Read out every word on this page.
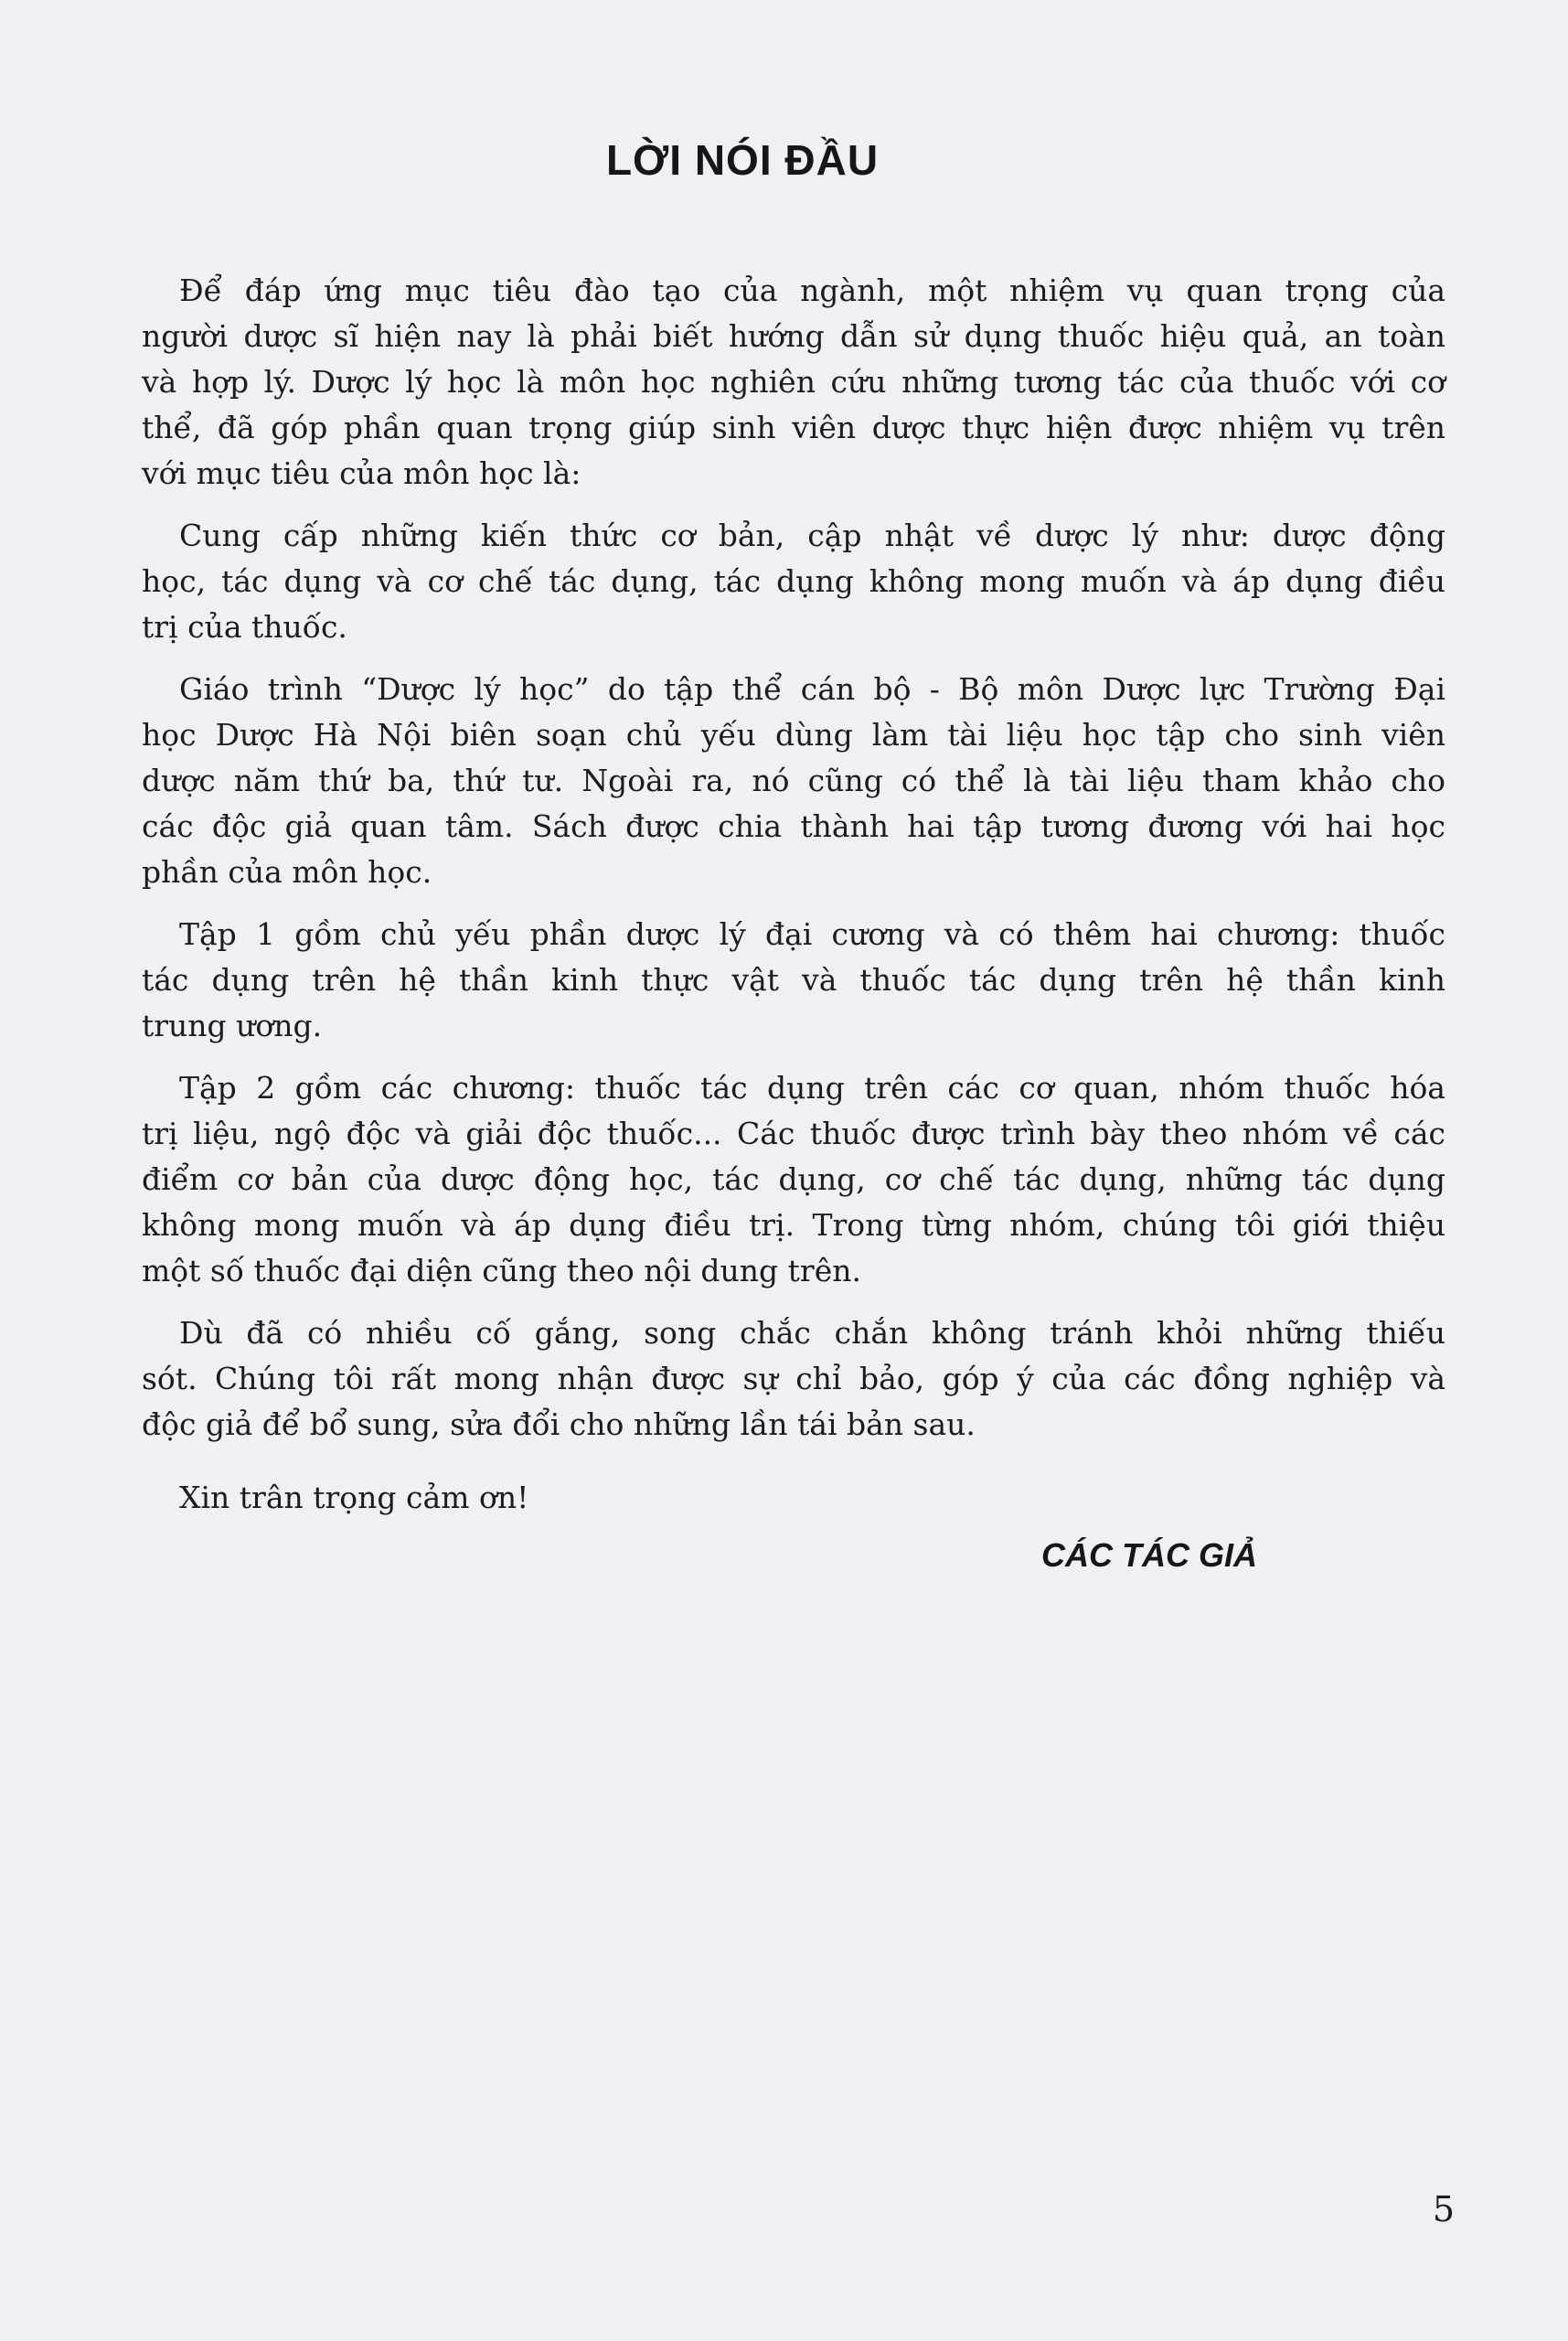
LỜI NÓI ĐẦU
Để đáp ứng mục tiêu đào tạo của ngành, một nhiệm vụ quan trọng của
người dược sĩ hiện nay là phải biết hướng dẫn sử dụng thuốc hiệu quả, an toàn
và hợp lý. Dược lý học là môn học nghiên cứu những tương tác của thuốc với cơ
thể, đã góp phần quan trọng giúp sinh viên dược thực hiện được nhiệm vụ trên
với mục tiêu của môn học là:
Cung cấp những kiến thức cơ bản, cập nhật về dược lý như: dược động
học, tác dụng và cơ chế tác dụng, tác dụng không mong muốn và áp dụng điều
trị của thuốc.
Giáo trình “Dược lý học” do tập thể cán bộ - Bộ môn Dược lực Trường Đại
học Dược Hà Nội biên soạn chủ yếu dùng làm tài liệu học tập cho sinh viên
dược năm thứ ba, thứ tư. Ngoài ra, nó cũng có thể là tài liệu tham khảo cho
các độc giả quan tâm. Sách được chia thành hai tập tương đương với hai học
phần của môn học.
Tập 1 gồm chủ yếu phần dược lý đại cương và có thêm hai chương: thuốc
tác dụng trên hệ thần kinh thực vật và thuốc tác dụng trên hệ thần kinh
trung ương.
Tập 2 gồm các chương: thuốc tác dụng trên các cơ quan, nhóm thuốc hóa
trị liệu, ngộ độc và giải độc thuốc... Các thuốc được trình bày theo nhóm về các
điểm cơ bản của dược động học, tác dụng, cơ chế tác dụng, những tác dụng
không mong muốn và áp dụng điều trị. Trong từng nhóm, chúng tôi giới thiệu
một số thuốc đại diện cũng theo nội dung trên.
Dù đã có nhiều cố gắng, song chắc chắn không tránh khỏi những thiếu
sót. Chúng tôi rất mong nhận được sự chỉ bảo, góp ý của các đồng nghiệp và
độc giả để bổ sung, sửa đổi cho những lần tái bản sau.
Xin trân trọng cảm ơn!
CÁC TÁC GIẢ
5
